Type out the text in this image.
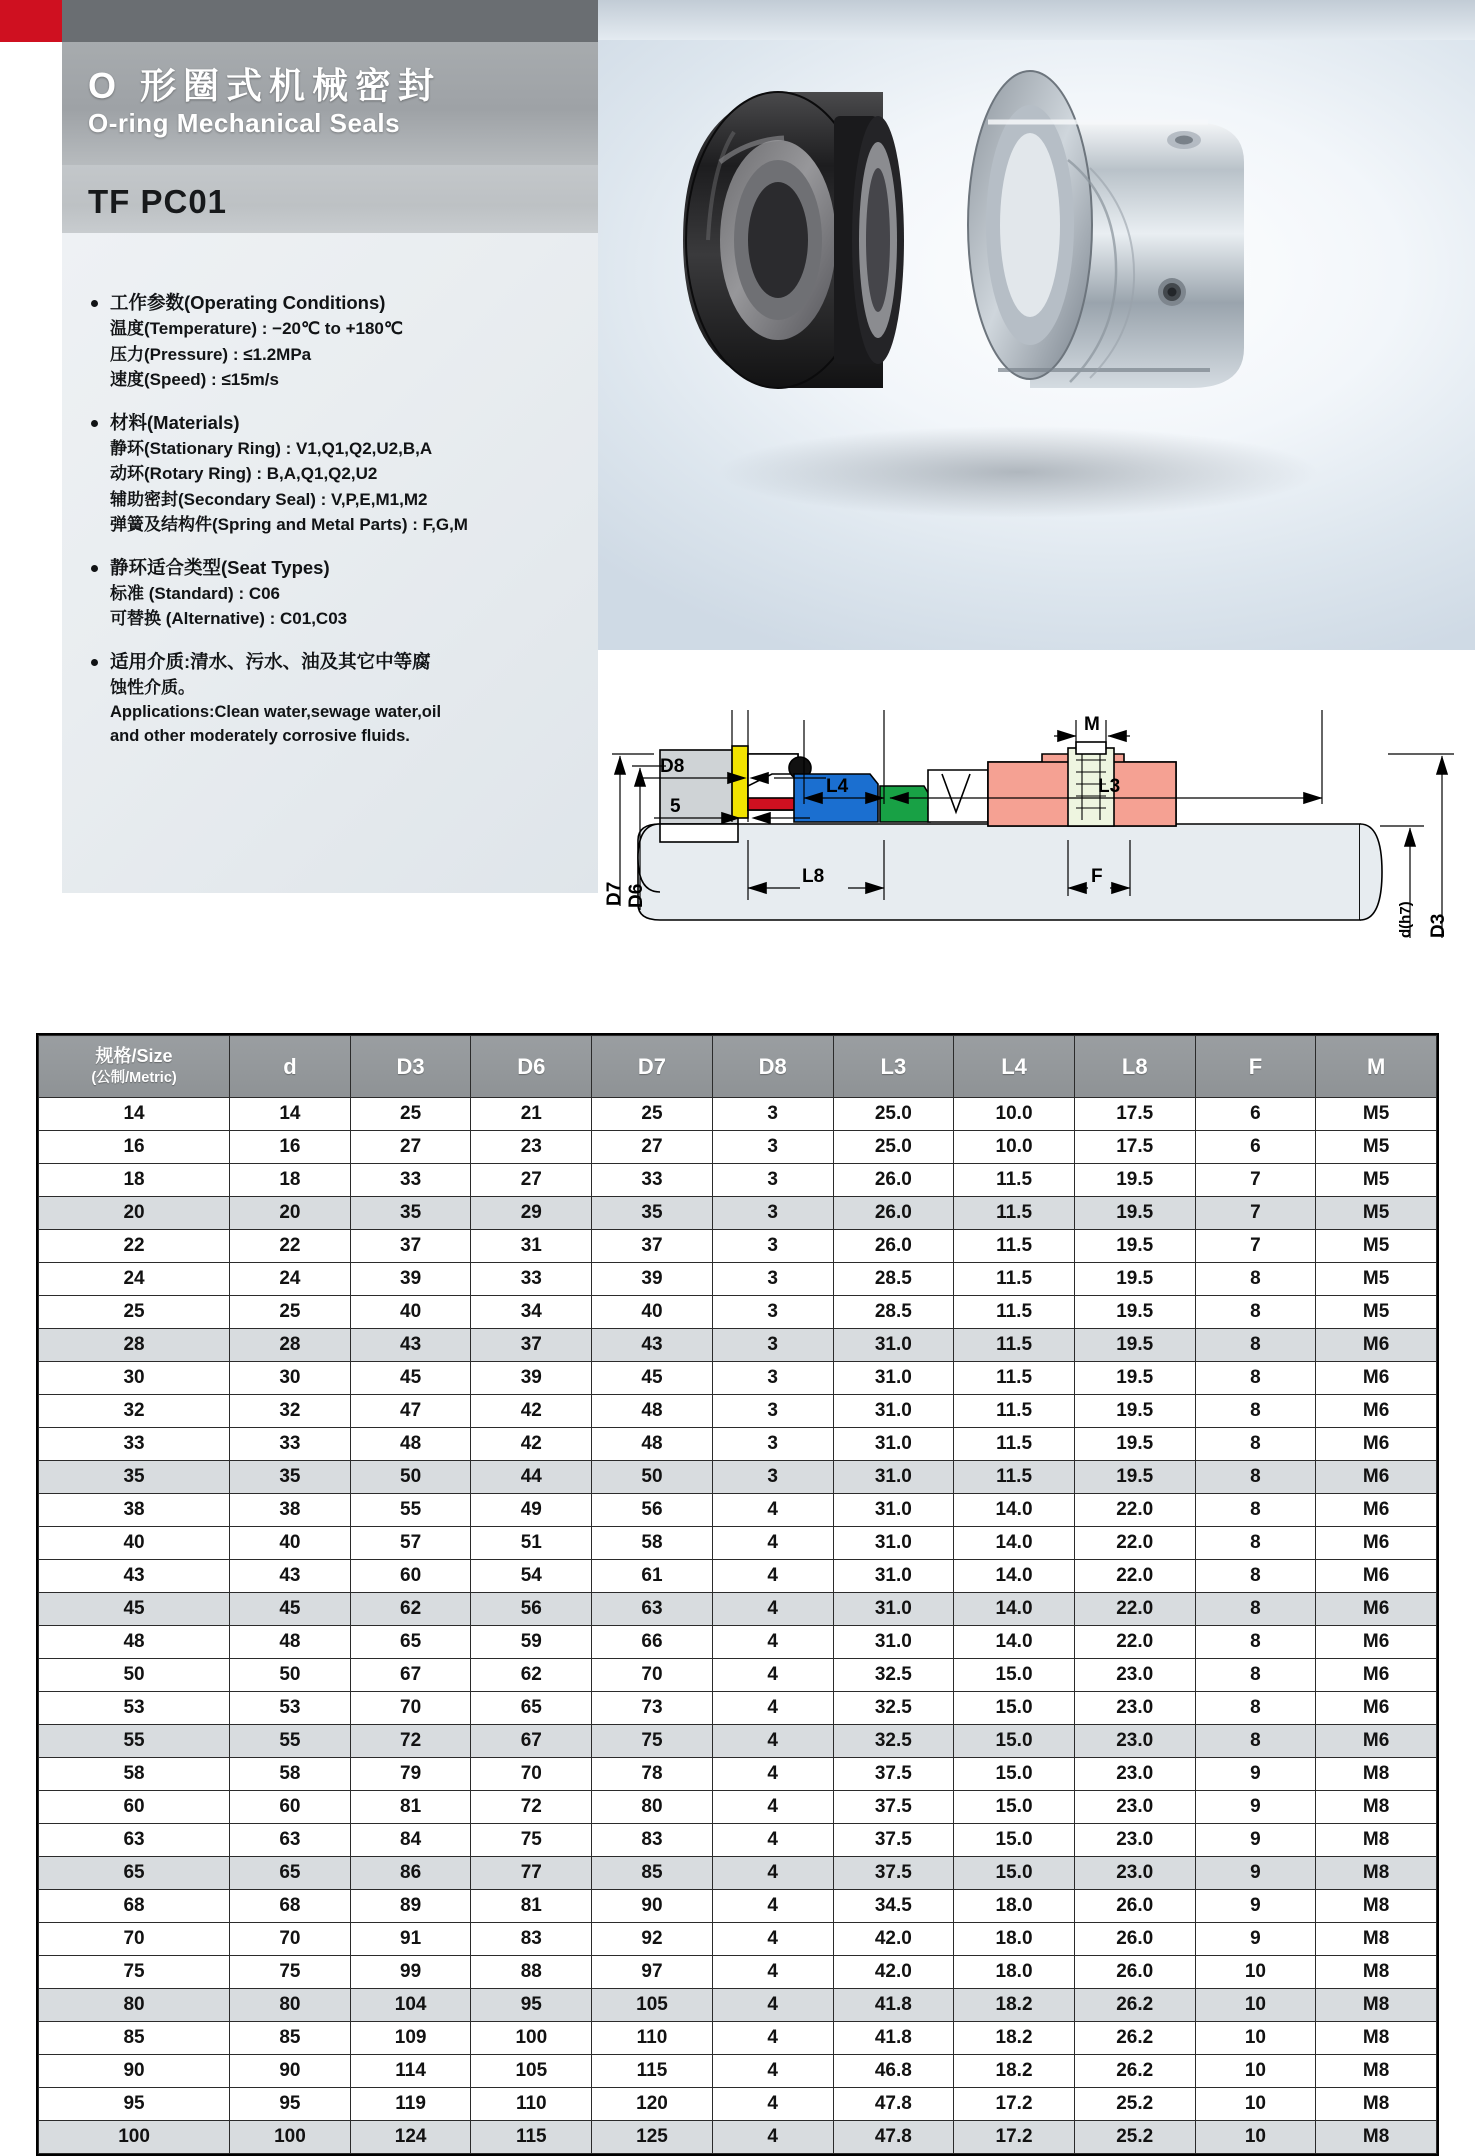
O 形圈式机械密封
O-ring Mechanical Seals
TF PC01
工作参数(Operating Conditions)
温度(Temperature) : −20℃ to +180℃
压力(Pressure) : ≤1.2MPa
速度(Speed) : ≤15m/s
材料(Materials)
静环(Stationary Ring) : V1,Q1,Q2,U2,B,A
动环(Rotary Ring) : B,A,Q1,Q2,U2
辅助密封(Secondary Seal) : V,P,E,M1,M2
弹簧及结构件(Spring and Metal Parts) : F,G,M
静环适合类型(Seat Types)
标准 (Standard) : C06
可替换 (Alternative) : C01,C03
适用介质:清水、污水、油及其它中等腐
蚀性介质。
Applications:Clean water,sewage water,oil
and other moderately corrosive fluids.
D8
5
L4	L3
M
L8	F
D7 D6
d(h7) D3
规格/Size
(公制/Metric)	d	D3	D6	D7	D8	L3	L4	L8	F	M
14	14	25	21	25	3	25.0	10.0	17.5	6	M5
16	16	27	23	27	3	25.0	10.0	17.5	6	M5
18	18	33	27	33	3	26.0	11.5	19.5	7	M5
20	20	35	29	35	3	26.0	11.5	19.5	7	M5
22	22	37	31	37	3	26.0	11.5	19.5	7	M5
24	24	39	33	39	3	28.5	11.5	19.5	8	M5
25	25	40	34	40	3	28.5	11.5	19.5	8	M5
28	28	43	37	43	3	31.0	11.5	19.5	8	M6
30	30	45	39	45	3	31.0	11.5	19.5	8	M6
32	32	47	42	48	3	31.0	11.5	19.5	8	M6
33	33	48	42	48	3	31.0	11.5	19.5	8	M6
35	35	50	44	50	3	31.0	11.5	19.5	8	M6
38	38	55	49	56	4	31.0	14.0	22.0	8	M6
40	40	57	51	58	4	31.0	14.0	22.0	8	M6
43	43	60	54	61	4	31.0	14.0	22.0	8	M6
45	45	62	56	63	4	31.0	14.0	22.0	8	M6
48	48	65	59	66	4	31.0	14.0	22.0	8	M6
50	50	67	62	70	4	32.5	15.0	23.0	8	M6
53	53	70	65	73	4	32.5	15.0	23.0	8	M6
55	55	72	67	75	4	32.5	15.0	23.0	8	M6
58	58	79	70	78	4	37.5	15.0	23.0	9	M8
60	60	81	72	80	4	37.5	15.0	23.0	9	M8
63	63	84	75	83	4	37.5	15.0	23.0	9	M8
65	65	86	77	85	4	37.5	15.0	23.0	9	M8
68	68	89	81	90	4	34.5	18.0	26.0	9	M8
70	70	91	83	92	4	42.0	18.0	26.0	9	M8
75	75	99	88	97	4	42.0	18.0	26.0	10	M8
80	80	104	95	105	4	41.8	18.2	26.2	10	M8
85	85	109	100	110	4	41.8	18.2	26.2	10	M8
90	90	114	105	115	4	46.8	18.2	26.2	10	M8
95	95	119	110	120	4	47.8	17.2	25.2	10	M8
100	100	124	115	125	4	47.8	17.2	25.2	10	M8
